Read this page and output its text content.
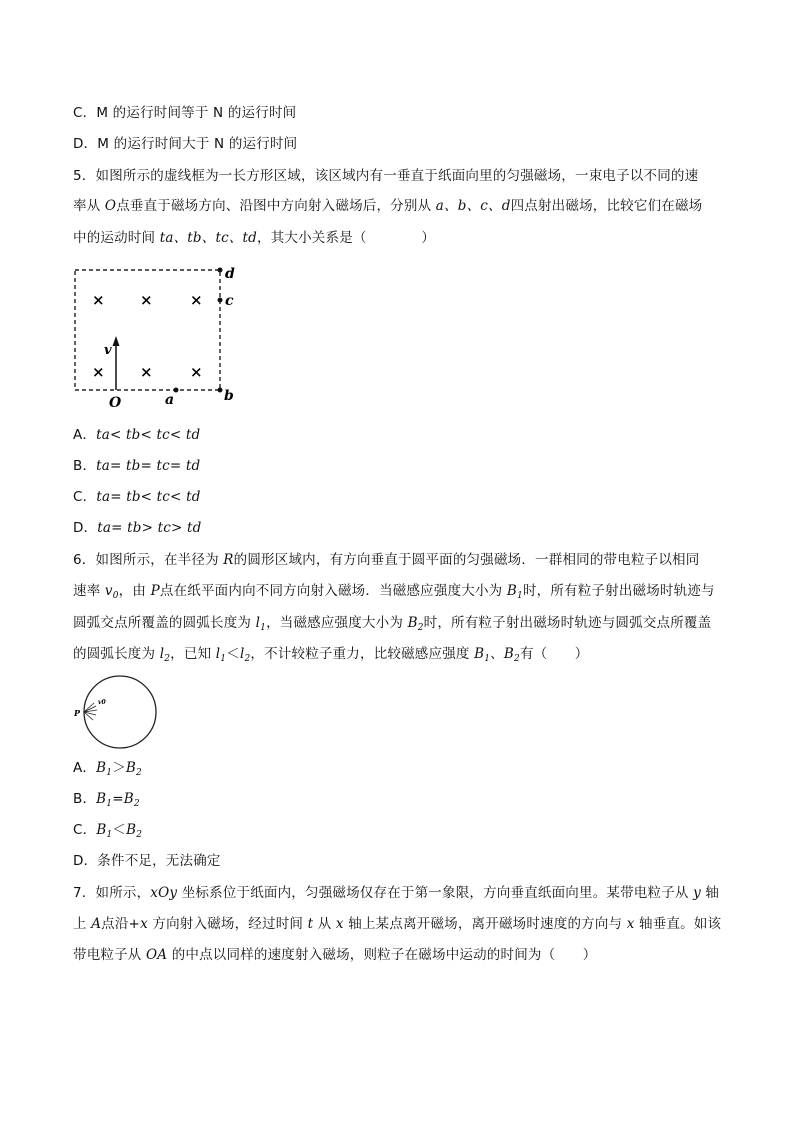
C．M 的运行时间等于 N 的运行时间
D．M 的运行时间大于 N 的运行时间
5．如图所示的虚线框为一长方形区域，该区域内有一垂直于纸面向里的匀强磁场，一束电子以不同的速
率从 O点垂直于磁场方向、沿图中方向射入磁场后，分别从 a、b、c、d四点射出磁场，比较它们在磁场
中的运动时间 ta、tb、tc、td，其大小关系是（　　　　）
× × ×
× × ×
v
O	a	b
c
d
A．ta< tb< tc< td
B．ta= tb= tc= td
C．ta= tb< tc< td
D．ta= tb> tc> td
6．如图所示，在半径为 R的圆形区域内，有方向垂直于圆平面的匀强磁场．一群相同的带电粒子以相同
速率 $v_0$，由 P点在纸平面内向不同方向射入磁场．当磁感应强度大小为 $B_1$时，所有粒子射出磁场时轨迹与
圆弧交点所覆盖的圆弧长度为 $l_1$，当磁感应强度大小为 $B_2$时，所有粒子射出磁场时轨迹与圆弧交点所覆盖
的圆弧长度为 $l_2$，已知 $l_1<l_2$，不计较粒子重力，比较磁感应强度 $B_1$、$B_2$有（　　）
P
v0
A．$B_1>B_2$
B．$B_1=B_2$
C．$B_1<B_2$
D．条件不足，无法确定
7．如所示，xOy 坐标系位于纸面内，匀强磁场仅存在于第一象限，方向垂直纸面向里。某带电粒子从 y 轴
上 A点沿+x 方向射入磁场，经过时间 t 从 x 轴上某点离开磁场，离开磁场时速度的方向与 x 轴垂直。如该
带电粒子从 OA 的中点以同样的速度射入磁场，则粒子在磁场中运动的时间为（　　）
